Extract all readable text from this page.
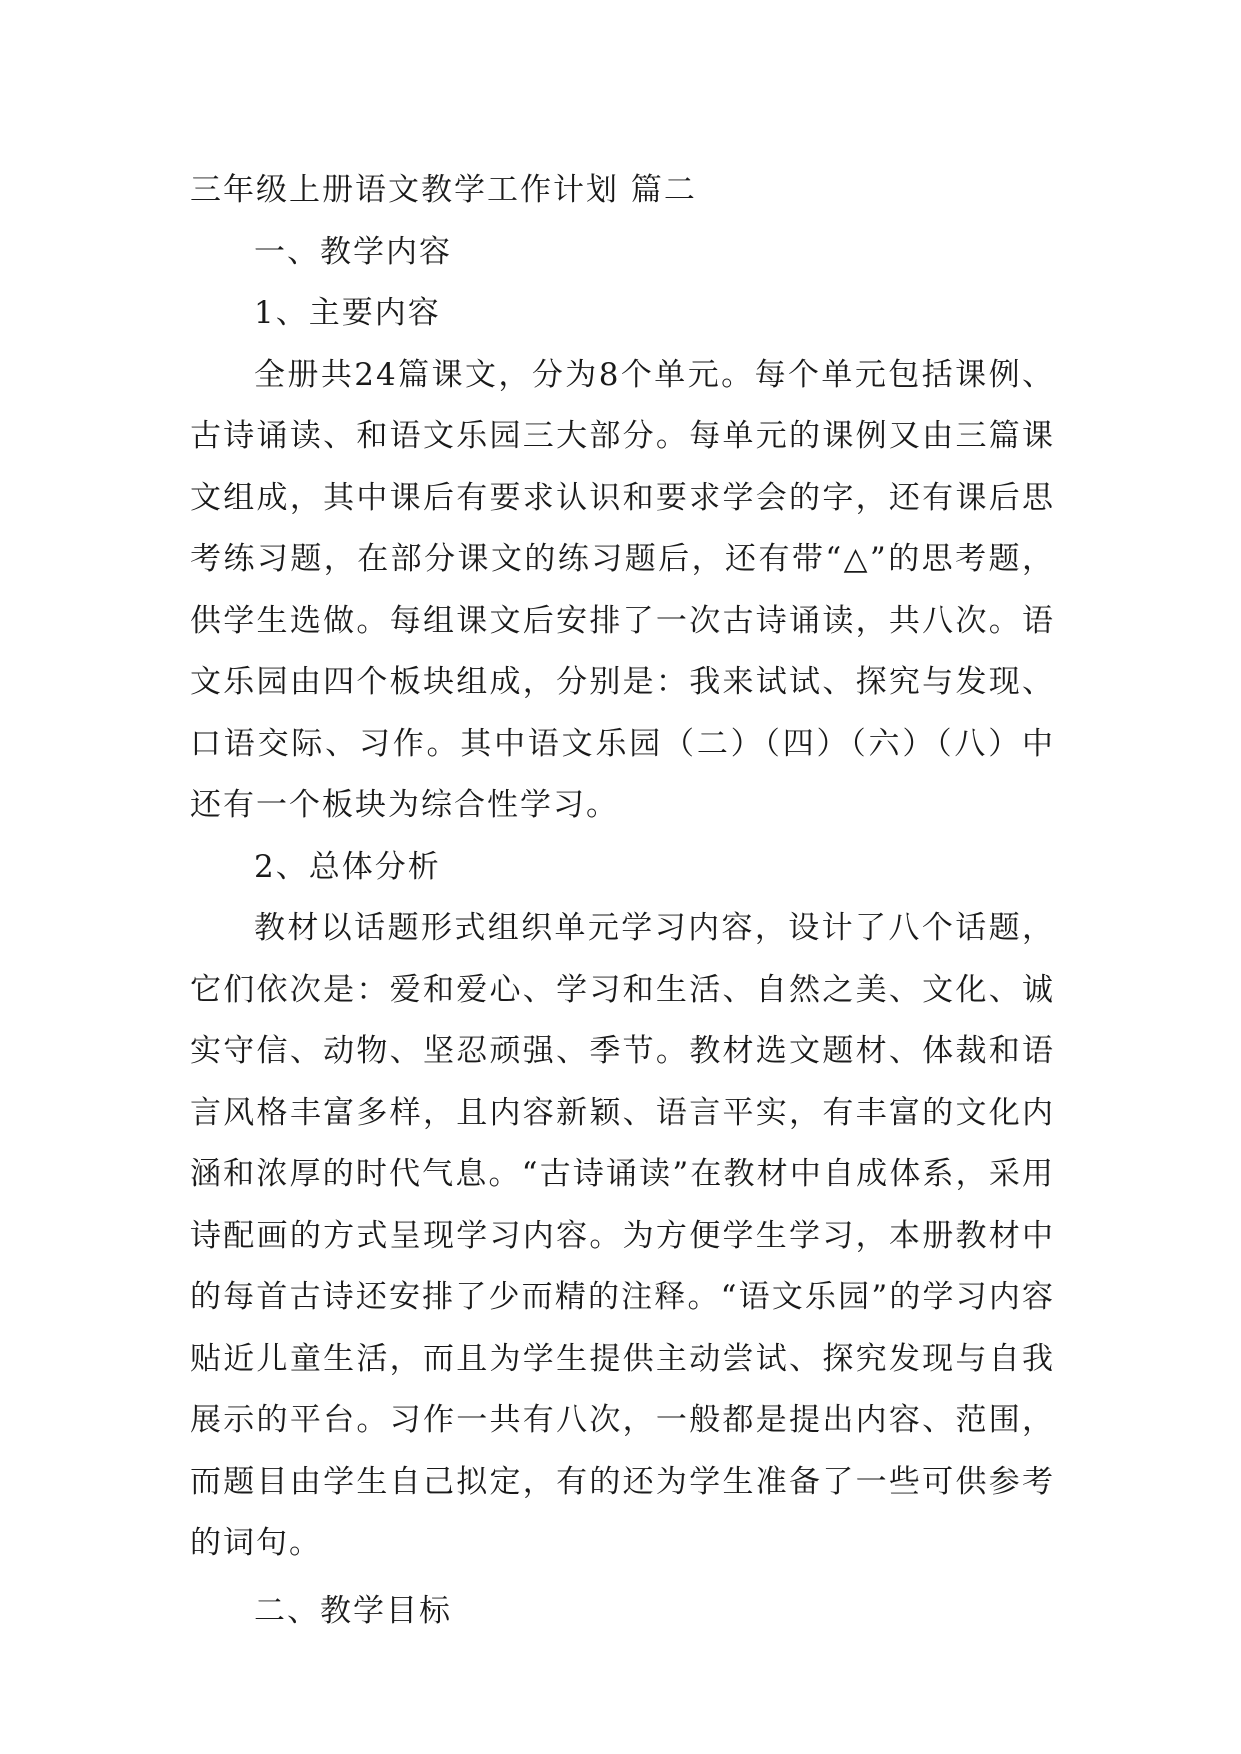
三年级上册语文教学工作计划 篇二

一、教学内容

1、主要内容

全册共24篇课文，分为8个单元。每个单元包括课例、古诗诵读、和语文乐园三大部分。每单元的课例又由三篇课文组成，其中课后有要求认识和要求学会的字，还有课后思考练习题，在部分课文的练习题后，还有带“△”的思考题，供学生选做。每组课文后安排了一次古诗诵读，共八次。语文乐园由四个板块组成，分别是：我来试试、探究与发现、口语交际、习作。其中语文乐园（二）（四）（六）（八）中还有一个板块为综合性学习。

2、总体分析

教材以话题形式组织单元学习内容，设计了八个话题，它们依次是：爱和爱心、学习和生活、自然之美、文化、诚实守信、动物、坚忍顽强、季节。教材选文题材、体裁和语言风格丰富多样，且内容新颖、语言平实，有丰富的文化内涵和浓厚的时代气息。“古诗诵读”在教材中自成体系，采用诗配画的方式呈现学习内容。为方便学生学习，本册教材中的每首古诗还安排了少而精的注释。“语文乐园”的学习内容贴近儿童生活，而且为学生提供主动尝试、探究发现与自我展示的平台。习作一共有八次，一般都是提出内容、范围，而题目由学生自己拟定，有的还为学生准备了一些可供参考的词句。

二、教学目标
